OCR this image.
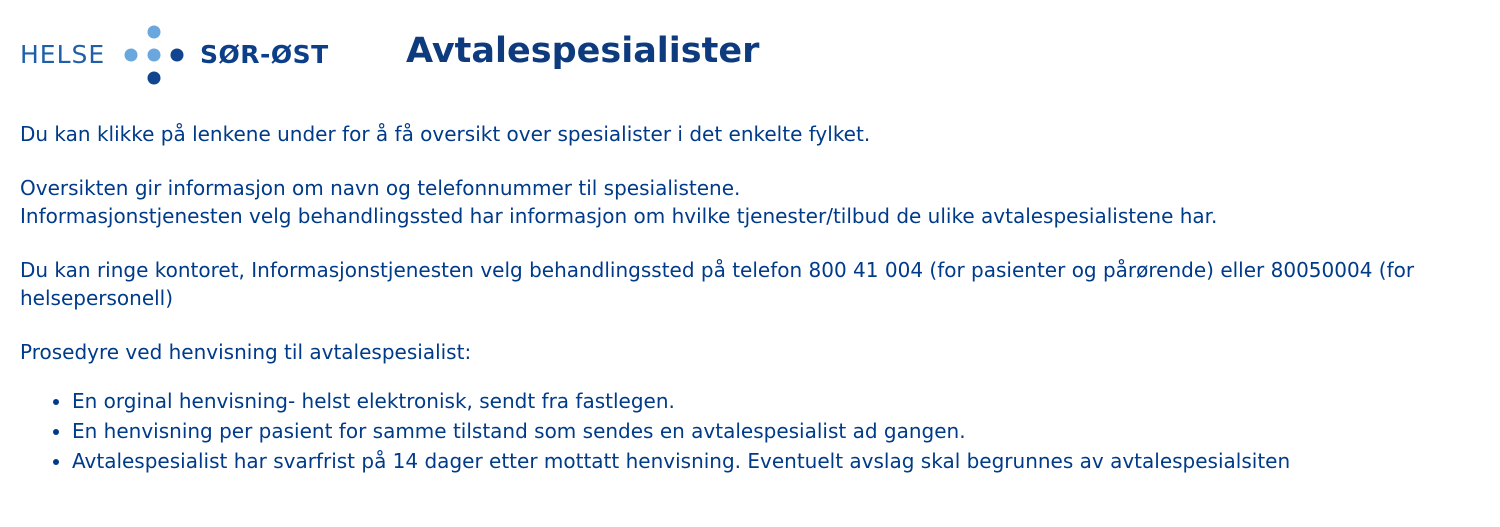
HELSE	SØR-ØST Avtalespesialister

Du kan klikke på lenkene under for å få oversikt over spesialister i det enkelte fylket.

Oversikten gir informasjon om navn og telefonnummer til spesialistene.
Informasjonstjenesten velg behandlingssted har informasjon om hvilke tjenester/tilbud de ulike avtalespesialistene har.

Du kan ringe kontoret, Informasjonstjenesten velg behandlingssted på telefon 800 41 004 (for pasienter og pårørende) eller 80050004 (for helsepersonell)

Prosedyre ved henvisning til avtalespesialist:

• En orginal henvisning- helst elektronisk, sendt fra fastlegen.
• En henvisning per pasient for samme tilstand som sendes en avtalespesialist ad gangen.
• Avtalespesialist har svarfrist på 14 dager etter mottatt henvisning. Eventuelt avslag skal begrunnes av avtalespesialsiten
